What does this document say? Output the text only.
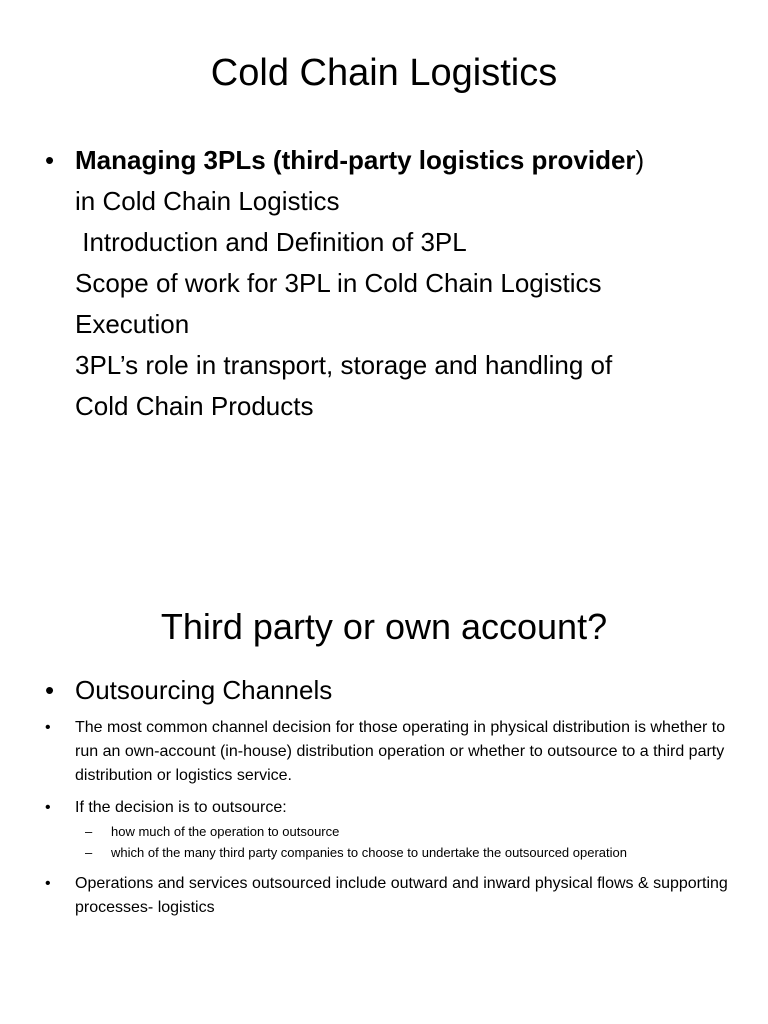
Cold Chain Logistics
• Managing 3PLs (third-party logistics provider)
in Cold Chain Logistics
Introduction and Definition of 3PL
Scope of work for 3PL in Cold Chain Logistics
Execution
3PL’s role in transport, storage and handling of
Cold Chain Products
Third party or own account?
• Outsourcing Channels
•	The most common channel decision for those operating in physical distribution is whether to run an own-account (in-house) distribution operation or whether to outsource to a third party distribution or logistics service.
•	If the decision is to outsource:
–	how much of the operation to outsource
–	which of the many third party companies to choose to undertake the outsourced operation
•	Operations and services outsourced include outward and inward physical flows & supporting processes- logistics
